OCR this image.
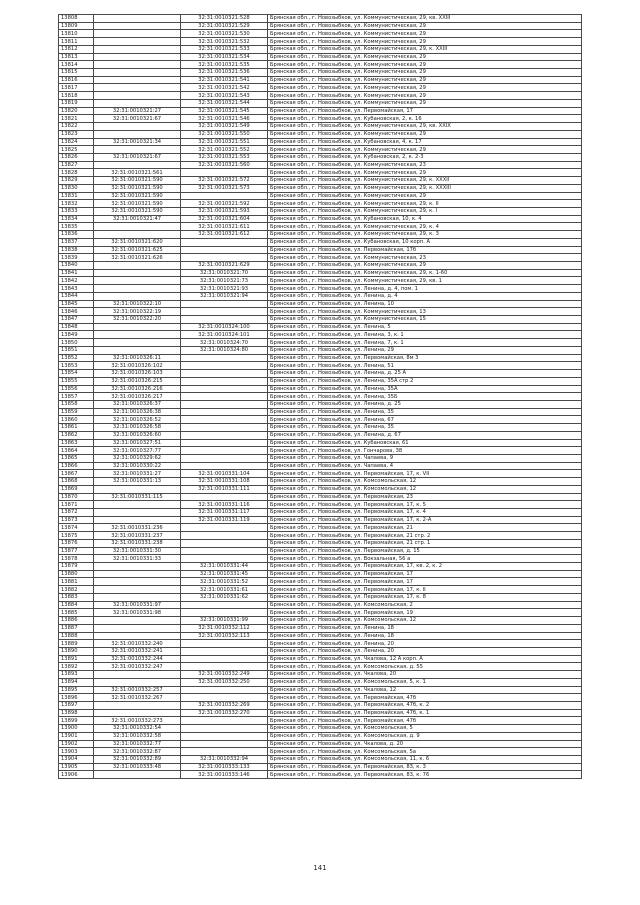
13808		32:31:0010321:528	Брянская обл., г. Новозыбков, ул. Коммунистическая, 29, кв. XXIII
13809		32:31:0010321:529	Брянская обл., г. Новозыбков, ул. Коммунистическая, 29
13810		32:31:0010321:530	Брянская обл., г. Новозыбков, ул. Коммунистическая, 29
13811		32:31:0010321:532	Брянская обл., г. Новозыбков, ул. Коммунистическая, 29
13812		32:31:0010321:533	Брянская обл., г. Новозыбков, ул. Коммунистическая, 29, к. XXIII
13813		32:31:0010321:534	Брянская обл., г. Новозыбков, ул. Коммунистическая, 29
13814		32:31:0010321:535	Брянская обл., г. Новозыбков, ул. Коммунистическая, 29
13815		32:31:0010321:536	Брянская обл., г. Новозыбков, ул. Коммунистическая, 29
13816		32:31:0010321:541	Брянская обл., г. Новозыбков, ул. Коммунистическая, 29
13817		32:31:0010321:542	Брянская обл., г. Новозыбков, ул. Коммунистическая, 29
13818		32:31:0010321:543	Брянская обл., г. Новозыбков, ул. Коммунистическая, 29
13819		32:31:0010321:544	Брянская обл., г. Новозыбков, ул. Коммунистическая, 29
13820	32:31:0010321:27	32:31:0010321:545	Брянская обл., г. Новозыбков, ул. Первомайская, 17
13821	32:31:0010321:67	32:31:0010321:546	Брянская обл., г. Новозыбков, ул. Кубановская, 2, к. 16
13822		32:31:0010321:549	Брянская обл., г. Новозыбков, ул. Коммунистическая, 29, кв. XXIX
13823		32:31:0010321:550	Брянская обл., г. Новозыбков, ул. Коммунистическая, 29
13824	32:31:0010321:34	32:31:0010321:551	Брянская обл., г. Новозыбков, ул. Кубановская, 4, к. 17
13825		32:31:0010321:552	Брянская обл., г. Новозыбков, ул. Коммунистическая, 29
13826	32:31:0010321:67	32:31:0010321:553	Брянская обл., г. Новозыбков, ул. Кубановская, 2, к. 2-3
13827		32:31:0010321:560	Брянская обл., г. Новозыбков, ул. Коммунистическая, 23
13828	32:31:0010321:561		Брянская обл., г. Новозыбков, ул. Коммунистическая, 29
13829	32:31:0010321:590	32:31:0010321:572	Брянская обл., г. Новозыбков, ул. Коммунистическая, 29, к. XXXII
13830	32:31:0010321:590	32:31:0010321:573	Брянская обл., г. Новозыбков, ул. Коммунистическая, 29, к. XXXIII
13831	32:31:0010321:590		Брянская обл., г. Новозыбков, ул. Коммунистическая, 29
13832	32:31:0010321:590	32:31:0010321:592	Брянская обл., г. Новозыбков, ул. Коммунистическая, 29, к. II
13833	32:31:0010321:590	32:31:0010321:593	Брянская обл., г. Новозыбков, ул. Коммунистическая, 29, к. I
13834	32:31:0010321:47	32:31:0010321:604	Брянская обл., г. Новозыбков, ул. Кубановская, 10, к. 4
13835		32:31:0010321:611	Брянская обл., г. Новозыбков, ул. Коммунистическая, 29, к. 4
13836		32:31:0010321:612	Брянская обл., г. Новозыбков, ул. Коммунистическая, 29, к. 3
13837	32:31:0010321:620		Брянская обл., г. Новозыбков, ул. Кубановская, 10 корп. А
13838	32:31:0010321:625		Брянская обл., г. Новозыбков, ул. Первомайская, 17б
13839	32:31:0010321:626		Брянская обл., г. Новозыбков, ул. Коммунистическая, 23
13840		32:31:0010321:629	Брянская обл., г. Новозыбков, ул. Коммунистическая, 29
13841		32:31:0010321:70	Брянская обл., г. Новозыбков, ул. Коммунистическая, 29, к. 1-60
13842		32:31:0010321:73	Брянская обл., г. Новозыбков, ул. Коммунистическая, 29, кв. 1
13843		32:31:0010321:93	Брянская обл., г. Новозыбков, ул. Ленина, д. 4, пом. 1
13844		32:31:0010321:94	Брянская обл., г. Новозыбков, ул. Ленина, д. 4
13845	32:31:0010322:10		Брянская обл., г. Новозыбков, ул. Ленина, 10
13846	32:31:0010322:19		Брянская обл., г. Новозыбков, ул. Коммунистическая, 13
13847	32:31:0010322:20		Брянская обл., г. Новозыбков, ул. Коммунистическая, 15
13848		32:31:0010324:100	Брянская обл., г. Новозыбков, ул. Ленина, 5
13849		32:31:0010324:101	Брянская обл., г. Новозыбков, ул. Ленина, 3, к. 1
13850		32:31:0010324:70	Брянская обл., г. Новозыбков, ул. Ленина, 7, к. 1
13851		32:31:0010324:80	Брянская обл., г. Новозыбков, ул. Ленина, 29
13852	32:31:0010326:11		Брянская обл., г. Новозыбков, ул. Первомайская, 8м 3
13853	32:31:0010326:102		Брянская обл., г. Новозыбков, ул. Ленина, 51
13854	32:31:0010326:103		Брянская обл., г. Новозыбков, ул. Ленина, д. 25 А
13855	32:31:0010326:215		Брянская обл., г. Новозыбков, ул. Ленина, 35А стр 2
13856	32:31:0010326:216		Брянская обл., г. Новозыбков, ул. Ленина, 35А
13857	32:31:0010326:217		Брянская обл., г. Новозыбков, ул. Ленина, 35Б
13858	32:31:0010326:37		Брянская обл., г. Новозыбков, ул. Ленина, д. 25
13859	32:31:0010326:38		Брянская обл., г. Новозыбков, ул. Ленина, 35
13860	32:31:0010326:52		Брянская обл., г. Новозыбков, ул. Ленина, 67
13861	32:31:0010326:58		Брянская обл., г. Новозыбков, ул. Ленина, 35
13862	32:31:0010326:60		Брянская обл., г. Новозыбков, ул. Ленина, д. 67
13863	32:31:0010327:51		Брянская обл., г. Новозыбков, ул. Кубановская, 61
13864	32:31:0010327:77		Брянская обл., г. Новозыбков, ул. Гончарова, 38
13865	32:31:0010329:62		Брянская обл., г. Новозыбков, ул. Чапаева, 9
13866	32:31:0010330:22		Брянская обл., г. Новозыбков, ул. Чапаева, 4
13867	32:31:0010331:27	32:31:0010331:104	Брянская обл., г. Новозыбков, ул. Первомайская, 17, к. VII
13868	32:31:0010331:13	32:31:0010331:108	Брянская обл., г. Новозыбков, ул. Комсомольская, 12
13869		32:31:0010331:111	Брянская обл., г. Новозыбков, ул. Комсомольская, 12
13870	32:31:0010331:115		Брянская обл., г. Новозыбков, ул. Первомайская, 23
13871		32:31:0010331:116	Брянская обл., г. Новозыбков, ул. Первомайская, 17, к. 5
13872		32:31:0010331:117	Брянская обл., г. Новозыбков, ул. Первомайская, 17, к. 4
13873		32:31:0010331:119	Брянская обл., г. Новозыбков, ул. Первомайская, 17, к. 2-А
13874	32:31:0010331:236		Брянская обл., г. Новозыбков, ул. Первомайская, 21
13875	32:31:0010331:237		Брянская обл., г. Новозыбков, ул. Первомайская, 21 стр. 2
13876	32:31:0010331:238		Брянская обл., г. Новозыбков, ул. Первомайская, 21 стр. 1
13877	32:31:0010331:30		Брянская обл., г. Новозыбков, ул. Первомайская, д. 15
13878	32:31:0010331:33		Брянская обл., г. Новозыбков, ул. Вокзальная, 56 а
13879		32:31:0010331:44	Брянская обл., г. Новозыбков, ул. Первомайская, 17, кв. 2, к. 2
13880		32:31:0010331:45	Брянская обл., г. Новозыбков, ул. Первомайская, 17
13881		32:31:0010331:52	Брянская обл., г. Новозыбков, ул. Первомайская, 17
13882		32:31:0010331:61	Брянская обл., г. Новозыбков, ул. Первомайская, 17, к. II
13883		32:31:0010331:62	Брянская обл., г. Новозыбков, ул. Первомайская, 17, к. 8
13884	32:31:0010331:97		Брянская обл., г. Новозыбков, ул. Комсомольская, 2
13885	32:31:0010331:98		Брянская обл., г. Новозыбков, ул. Первомайская, 19
13886		32:31:0010331:99	Брянская обл., г. Новозыбков, ул. Комсомольская, 12
13887		32:31:0010332:112	Брянская обл., г. Новозыбков, ул. Ленина, 18
13888		32:31:0010332:113	Брянская обл., г. Новозыбков, ул. Ленина, 18
13889	32:31:0010332:240		Брянская обл., г. Новозыбков, ул. Ленина, 20
13890	32:31:0010332:241		Брянская обл., г. Новозыбков, ул. Ленина, 20
13891	32:31:0010332:244		Брянская обл., г. Новозыбков, ул. Чкалова, 12 А корп. А
13892	32:31:0010332:247		Брянская обл., г. Новозыбков, ул. Комсомольская, д. 55
13893		32:31:0010332:249	Брянская обл., г. Новозыбков, ул. Чкалова, 20
13894		32:31:0010332:250	Брянская обл., г. Новозыбков, ул. Комсомольская, 5, к. 1
13895	32:31:0010332:257		Брянская обл., г. Новозыбков, ул. Чкалова, 12
13896	32:31:0010332:267		Брянская обл., г. Новозыбков, ул. Первомайская, 47б
13897		32:31:0010332:269	Брянская обл., г. Новозыбков, ул. Первомайская, 47б, к. 2
13898		32:31:0010332:270	Брянская обл., г. Новозыбков, ул. Первомайская, 47б, к. 1
13899	32:31:0010332:273		Брянская обл., г. Новозыбков, ул. Первомайская, 47б
13900	32:31:0010332:54		Брянская обл., г. Новозыбков, ул. Комсомольская, 5
13901	32:31:0010332:58		Брянская обл., г. Новозыбков, ул. Комсомольская, д. 9
13902	32:31:0010332:77		Брянская обл., г. Новозыбков, ул. Чкалова, д. 20
13903	32:31:0010332:87		Брянская обл., г. Новозыбков, ул. Комсомольская, 5а
13904	32:31:0010332:89	32:31:0010332:94	Брянская обл., г. Новозыбков, ул. Комсомольская, 11, к. 6
13905	32:31:0010333:48	32:31:0010333:133	Брянская обл., г. Новозыбков, ул. Первомайская, 83, к. 3
13906		32:31:0010333:146	Брянская обл., г. Новозыбков, ул. Первомайская, 83, к. 76
141
